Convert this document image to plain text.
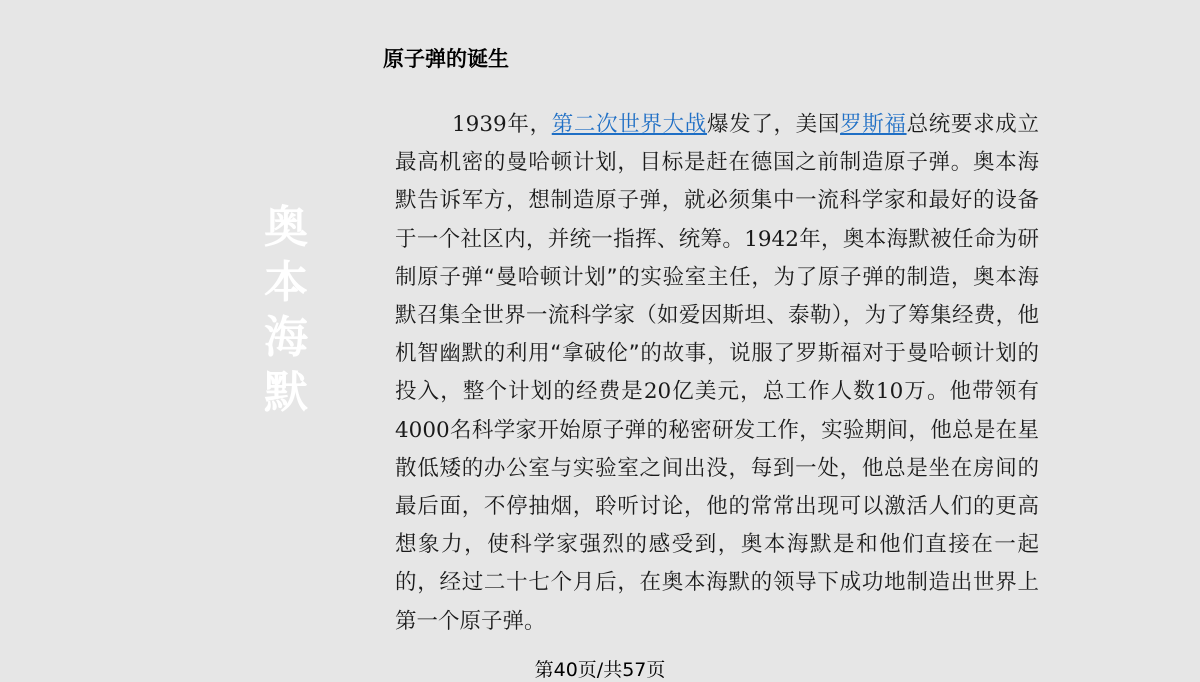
奥
本
海
默
原子弹的诞生

1939年，第二次世界大战爆发了，美国罗斯福总统要求成立最高机密的曼哈顿计划，目标是赶在德国之前制造原子弹。奥本海默告诉军方，想制造原子弹，就必须集中一流科学家和最好的设备于一个社区内，并统一指挥、统筹。1942年，奥本海默被任命为研制原子弹“曼哈顿计划”的实验室主任，为了原子弹的制造，奥本海默召集全世界一流科学家（如爱因斯坦、泰勒），为了筹集经费，他机智幽默的利用“拿破伦”的故事，说服了罗斯福对于曼哈顿计划的投入，整个计划的经费是20亿美元，总工作人数10万。他带领有4000名科学家开始原子弹的秘密研发工作，实验期间，他总是在星散低矮的办公室与实验室之间出没，每到一处，他总是坐在房间的最后面，不停抽烟，聆听讨论，他的常常出现可以激活人们的更高想象力，使科学家强烈的感受到，奥本海默是和他们直接在一起的，经过二十七个月后，在奥本海默的领导下成功地制造出世界上第一个原子弹。

第40页/共57页
